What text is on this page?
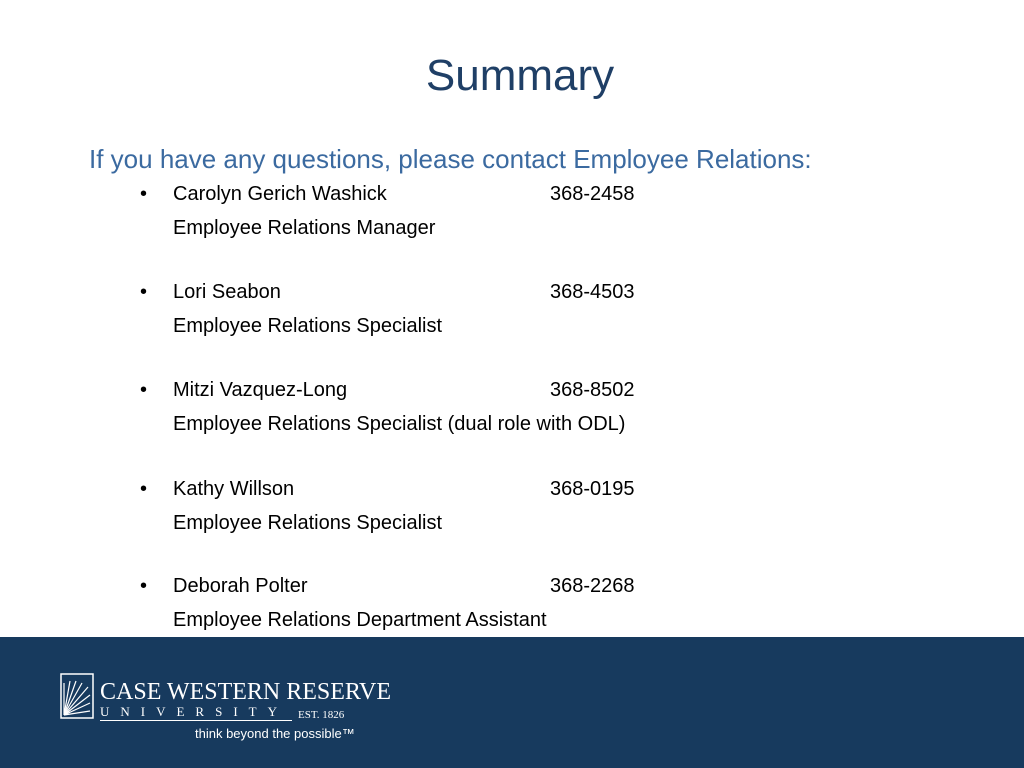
Summary
If you have any questions, please contact Employee Relations:
• Carolyn Gerich Washick	368-2458
Employee Relations Manager
• Lori Seabon	368-4503
Employee Relations Specialist
• Mitzi Vazquez-Long	368-8502
Employee Relations Specialist (dual role with ODL)
• Kathy Willson	368-0195
Employee Relations Specialist
• Deborah Polter	368-2268
Employee Relations Department Assistant
CASE WESTERN RESERVE
UNIVERSITY EST. 1826
think beyond the possible™
